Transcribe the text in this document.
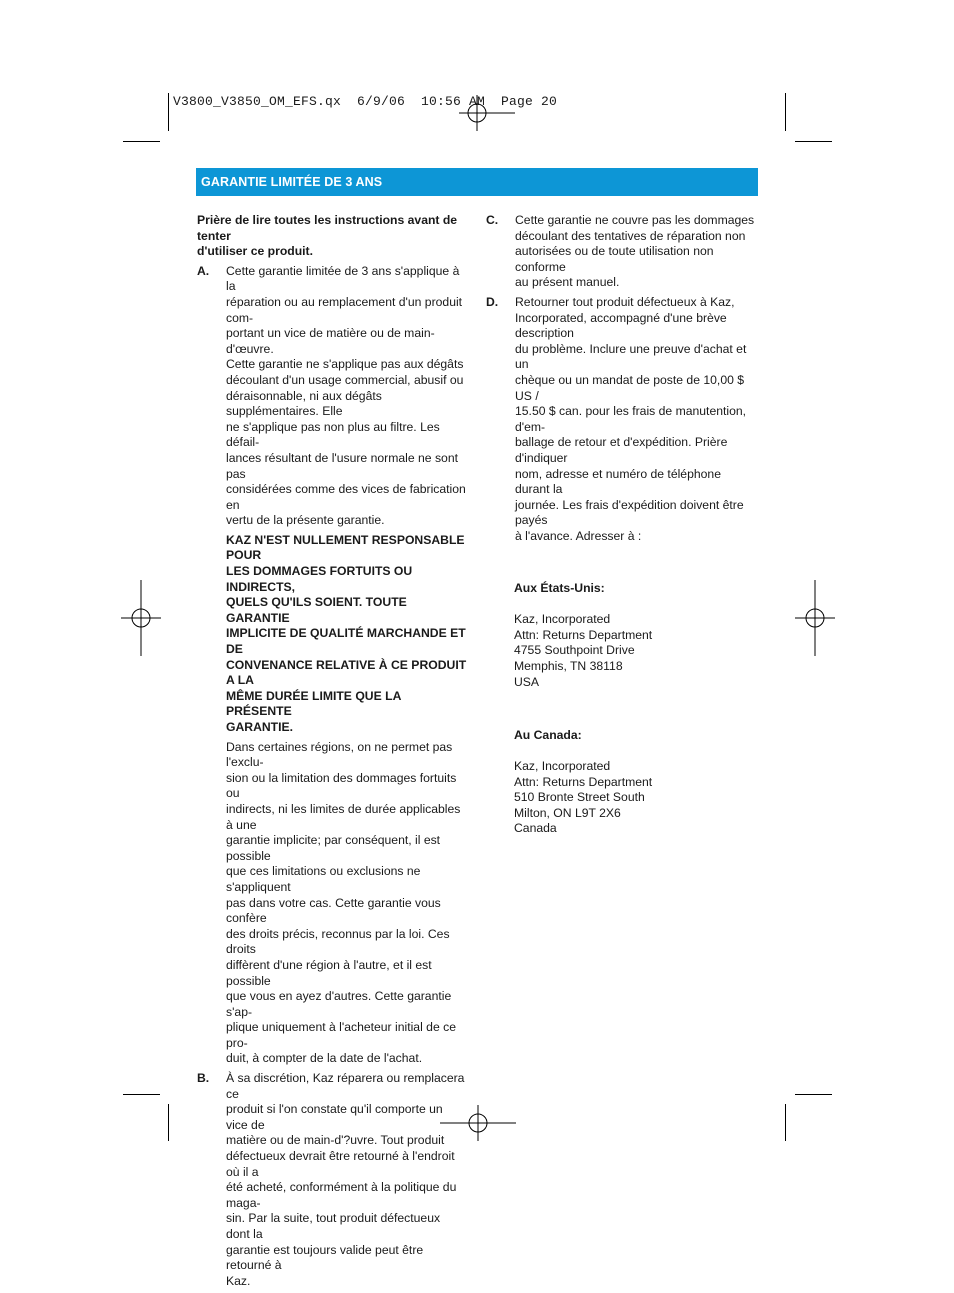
V3800_V3850_OM_EFS.qx  6/9/06  10:56 AM  Page 20
GARANTIE LIMITÉE DE 3 ANS

Prière de lire toutes les instructions avant de tenter
d'utiliser ce produit.

A. Cette garantie limitée de 3 ans s'applique à la
réparation ou au remplacement d'un produit com-
portant un vice de matière ou de main-d'œuvre.
Cette garantie ne s'applique pas aux dégâts
découlant d'un usage commercial, abusif ou
déraisonnable, ni aux dégâts supplémentaires. Elle
ne s'applique pas non plus au filtre. Les défail-
lances résultant de l'usure normale ne sont pas
considérées comme des vices de fabrication en
vertu de la présente garantie.

KAZ N'EST NULLEMENT RESPONSABLE POUR
LES DOMMAGES FORTUITS OU INDIRECTS,
QUELS QU'ILS SOIENT. TOUTE GARANTIE
IMPLICITE DE QUALITÉ MARCHANDE ET DE
CONVENANCE RELATIVE À CE PRODUIT A LA
MÊME DURÉE LIMITE QUE LA PRÉSENTE
GARANTIE.

Dans certaines régions, on ne permet pas l'exclu-
sion ou la limitation des dommages fortuits ou
indirects, ni les limites de durée applicables à une
garantie implicite; par conséquent, il est possible
que ces limitations ou exclusions ne s'appliquent
pas dans votre cas. Cette garantie vous confère
des droits précis, reconnus par la loi. Ces droits
diffèrent d'une région à l'autre, et il est possible
que vous en ayez d'autres. Cette garantie s'ap-
plique uniquement à l'acheteur initial de ce pro-
duit, à compter de la date de l'achat.

B. À sa discrétion, Kaz réparera ou remplacera ce
produit si l'on constate qu'il comporte un vice de
matière ou de main-d'?uvre. Tout produit
défectueux devrait être retourné à l'endroit où il a
été acheté, conformément à la politique du maga-
sin. Par la suite, tout produit défectueux dont la
garantie est toujours valide peut être retourné à
Kaz.

C. Cette garantie ne couvre pas les dommages
découlant des tentatives de réparation non
autorisées ou de toute utilisation non conforme
au présent manuel.

D. Retourner tout produit défectueux à Kaz,
Incorporated, accompagné d'une brève description
du problème. Inclure une preuve d'achat et un
chèque ou un mandat de poste de 10,00 $ US /
15.50 $ can. pour les frais de manutention, d'em-
ballage de retour et d'expédition. Prière d'indiquer
nom, adresse et numéro de téléphone durant la
journée. Les frais d'expédition doivent être payés
à l'avance. Adresser à :

Aux États-Unis:

Kaz, Incorporated
Attn: Returns Department
4755 Southpoint Drive
Memphis, TN 38118
USA

Au Canada:

Kaz, Incorporated
Attn: Returns Department
510 Bronte Street South
Milton, ON L9T 2X6
Canada
